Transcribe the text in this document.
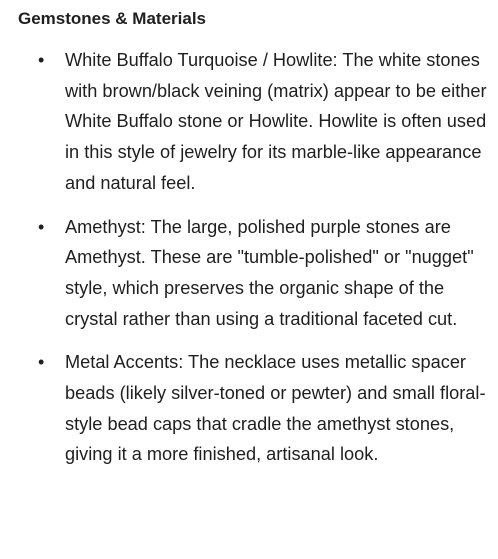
Gemstones & Materials
• White Buffalo Turquoise / Howlite: The white stones with brown/black veining (matrix) appear to be either White Buffalo stone or Howlite. Howlite is often used in this style of jewelry for its marble-like appearance and natural feel.
• Amethyst: The large, polished purple stones are Amethyst. These are "tumble-polished" or "nugget" style, which preserves the organic shape of the crystal rather than using a traditional faceted cut.
• Metal Accents: The necklace uses metallic spacer beads (likely silver-toned or pewter) and small floral-style bead caps that cradle the amethyst stones, giving it a more finished, artisanal look.
